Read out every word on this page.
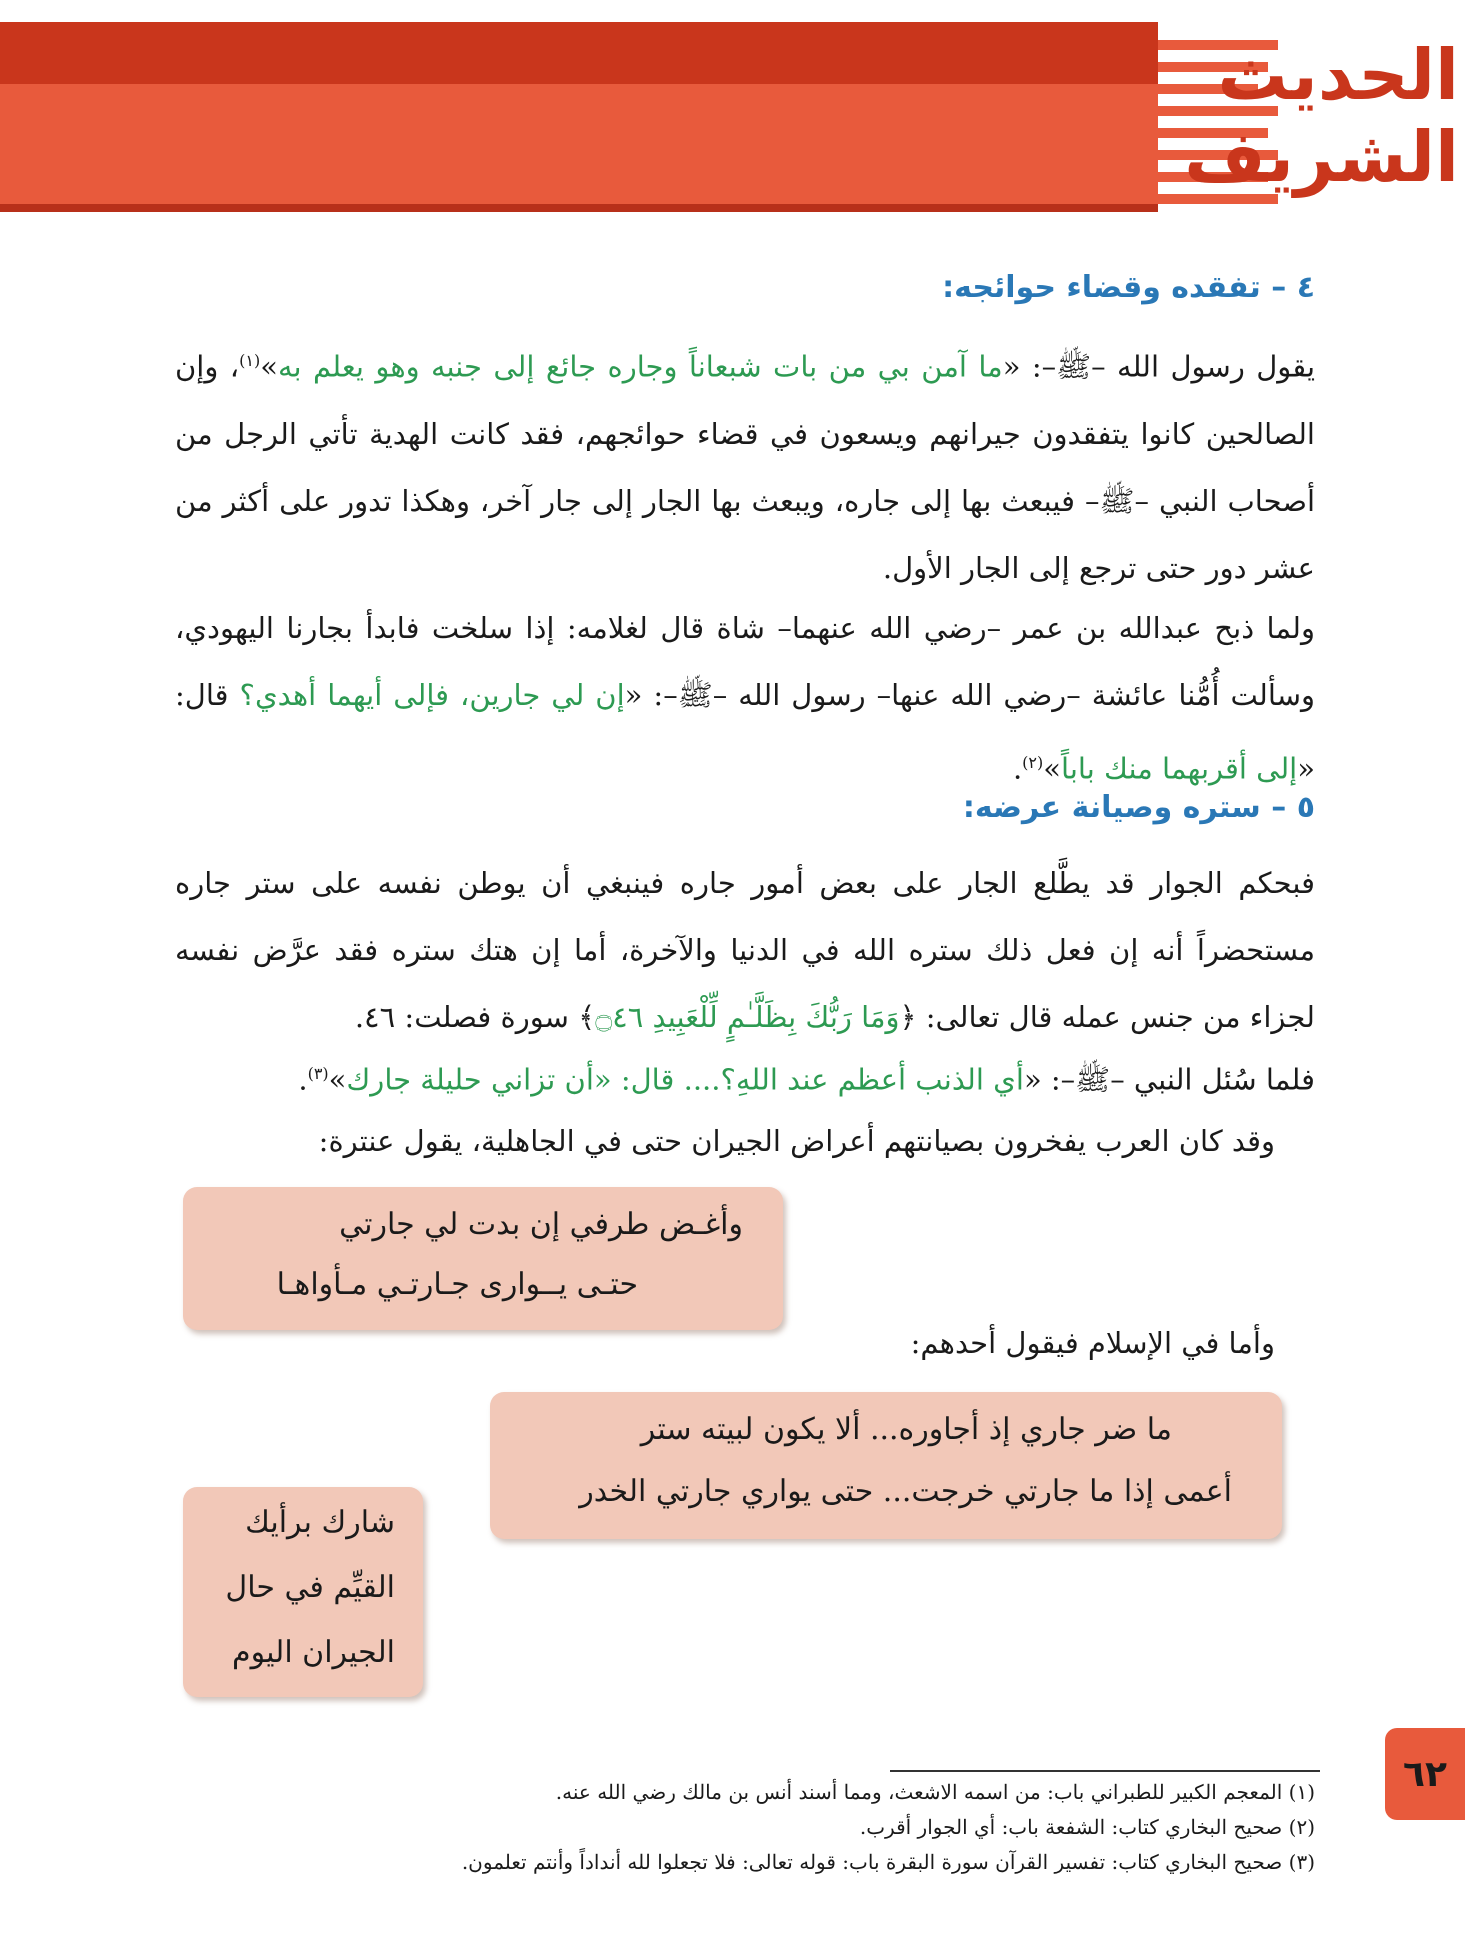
الحديث
الشريف
٤ – تفقده وقضاء حوائجه:
يقول رسول الله –ﷺ–: «ما آمن بي من بات شبعاناً وجاره جائع إلى جنبه وهو يعلم به»$^{(١)}$، وإن الصالحين كانوا يتفقدون جيرانهم ويسعون في قضاء حوائجهم، فقد كانت الهدية تأتي الرجل من أصحاب النبي –ﷺ– فيبعث بها إلى جاره، ويبعث بها الجار إلى جار آخر، وهكذا تدور على أكثر من عشر دور حتى ترجع إلى الجار الأول.
ولما ذبح عبدالله بن عمر –رضي الله عنهما– شاة قال لغلامه: إذا سلخت فابدأ بجارنا اليهودي، وسألت أُمُّنا عائشة –رضي الله عنها– رسول الله –ﷺ–: «إن لي جارين، فإلى أيهما أهدي؟ قال: «إلى أقربهما منك باباً»$^{(٢)}$.
٥ – ستره وصيانة عرضه:
فبحكم الجوار قد يطَّلع الجار على بعض أمور جاره فينبغي أن يوطن نفسه على ستر جاره مستحضراً أنه إن فعل ذلك ستره الله في الدنيا والآخرة، أما إن هتك ستره فقد عرَّض نفسه لجزاء من جنس عمله قال تعالى: ﴿وَمَا رَبُّكَ بِظَلَّـٰمٍ لِّلْعَبِيدِ ۝٤٦﴾ سورة فصلت: ٤٦.
فلما سُئل النبي –ﷺ–: «أي الذنب أعظم عند اللهِ؟.... قال: «أن تزاني حليلة جارك»$^{(٣)}$.
وقد كان العرب يفخرون بصيانتهم أعراض الجيران حتى في الجاهلية، يقول عنترة:
وأغـض طرفي إن بدت لي جارتي
حتـى يــوارى جـارتـي مـأواهـا
وأما في الإسلام فيقول أحدهم:
ما ضر جاري إذ أجاوره... ألا يكون لبيته ستر
أعمى إذا ما جارتي خرجت... حتى يواري جارتي الخدر
شارك برأيك
القيِّم في حال
الجيران اليوم
٦٢
(١) المعجم الكبير للطبراني باب: من اسمه الاشعث، ومما أسند أنس بن مالك رضي الله عنه.
(٢) صحيح البخاري كتاب: الشفعة باب: أي الجوار أقرب.
(٣) صحيح البخاري كتاب: تفسير القرآن سورة البقرة باب: قوله تعالى: فلا تجعلوا لله أنداداً وأنتم تعلمون.
